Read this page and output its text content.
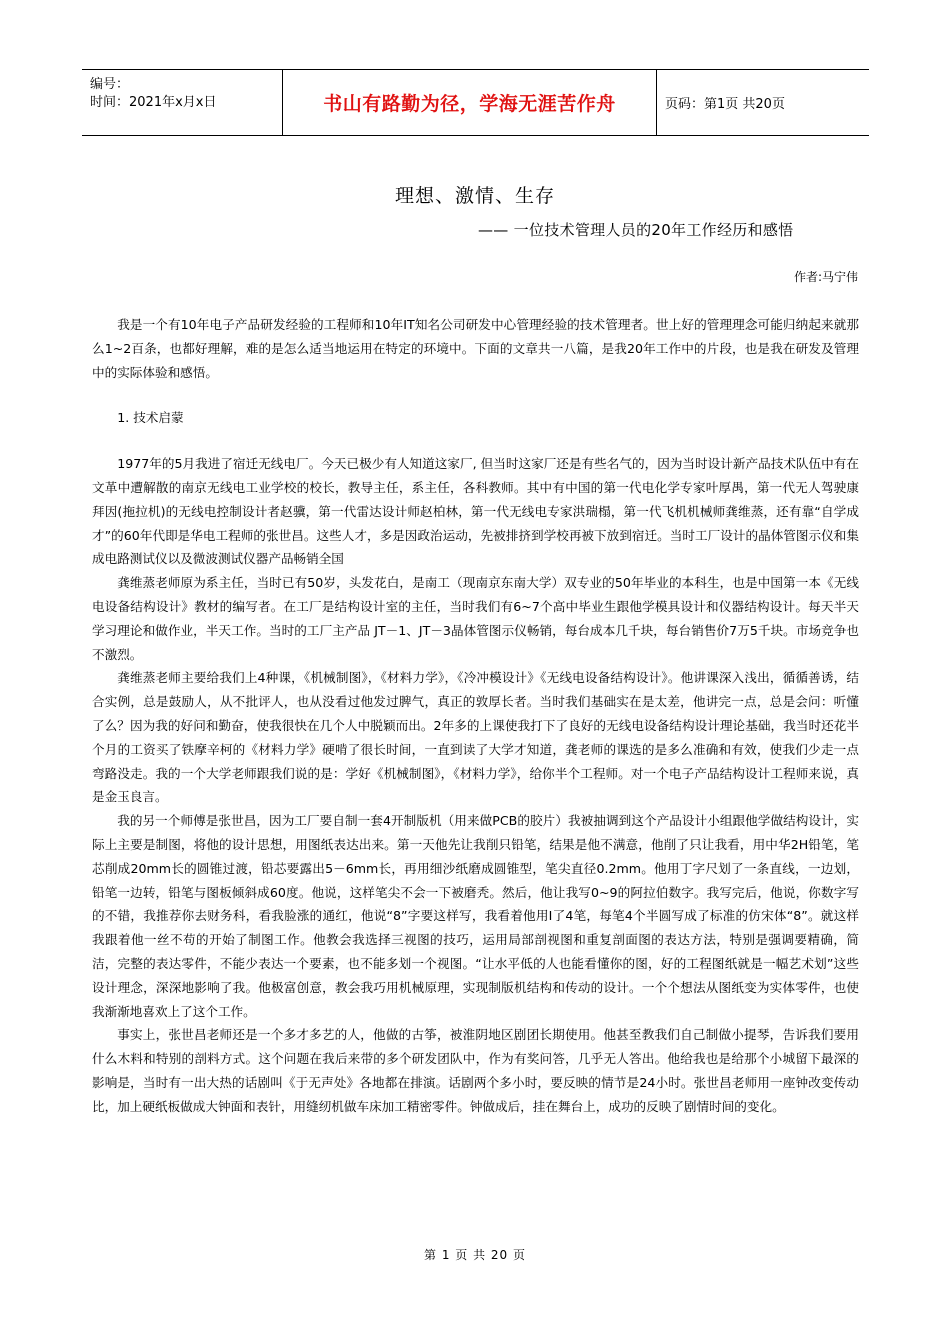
编号：
时间：2021年x月x日	书山有路勤为径，学海无涯苦作舟	页码：第1页 共20页
理想、激情、生存
—— 一位技术管理人员的20年工作经历和感悟
作者:马宁伟

我是一个有10年电子产品研发经验的工程师和10年IT知名公司研发中心管理经验的技术管理者。世上好的管理理念可能归纳起来就那么1~2百条，也都好理解，难的是怎么适当地运用在特定的环境中。下面的文章共一八篇，是我20年工作中的片段，也是我在研发及管理中的实际体验和感悟。

1. 技术启蒙

1977年的5月我进了宿迁无线电厂。今天已极少有人知道这家厂, 但当时这家厂还是有些名气的，因为当时设计新产品技术队伍中有在文革中遭解散的南京无线电工业学校的校长，教导主任，系主任，各科教师。其中有中国的第一代电化学专家叶厚禺，第一代无人驾驶康拜因(拖拉机)的无线电控制设计者赵骥，第一代雷达设计师赵柏林，第一代无线电专家洪瑞榻，第一代飞机机械师龚维蒸，还有靠“自学成才”的60年代即是华电工程师的张世昌。这些人才，多是因政治运动，先被排挤到学校再被下放到宿迁。当时工厂设计的晶体管图示仪和集成电路测试仪以及微波测试仪器产品畅销全国

龚维蒸老师原为系主任，当时已有50岁，头发花白，是南工（现南京东南大学）双专业的50年毕业的本科生，也是中国第一本《无线电设备结构设计》教材的编写者。在工厂是结构设计室的主任，当时我们有6~7个高中毕业生跟他学模具设计和仪器结构设计。每天半天学习理论和做作业，半天工作。当时的工厂主产品 JT－1、JT－3晶体管图示仪畅销，每台成本几千块，每台销售价7万5千块。市场竞争也不激烈。

龚维蒸老师主要给我们上4种课，《机械制图》，《材料力学》，《冷冲模设计》《无线电设备结构设计》。他讲课深入浅出，循循善诱，结合实例，总是鼓励人，从不批评人，也从没看过他发过脾气，真正的敦厚长者。当时我们基础实在是太差，他讲完一点，总是会问：听懂了么？因为我的好问和勤奋，使我很快在几个人中脱颖而出。2年多的上课使我打下了良好的无线电设备结构设计理论基础，我当时还花半个月的工资买了铁摩辛柯的《材料力学》硬啃了很长时间，一直到读了大学才知道，龚老师的课选的是多么准确和有效，使我们少走一点弯路没走。我的一个大学老师跟我们说的是：学好《机械制图》，《材料力学》，给你半个工程师。对一个电子产品结构设计工程师来说，真是金玉良言。

我的另一个师傅是张世昌，因为工厂要自制一套4开制版机（用来做PCB的胶片）我被抽调到这个产品设计小组跟他学做结构设计，实际上主要是制图，将他的设计思想，用图纸表达出来。第一天他先让我削只铅笔，结果是他不满意，他削了只让我看，用中华2H铅笔，笔芯削成20mm长的圆锥过渡，铅芯要露出5－6mm长，再用细沙纸磨成圆锥型，笔尖直径0.2mm。他用丁字尺划了一条直线，一边划，铅笔一边转，铅笔与图板倾斜成60度。他说，这样笔尖不会一下被磨秃。然后，他让我写0~9的阿拉伯数字。我写完后，他说，你数字写的不错，我推荐你去财务科，看我脸涨的通红，他说“8”字要这样写，我看着他用I了4笔，每笔4个半圆写成了标准的仿宋体“8”。就这样我跟着他一丝不苟的开始了制图工作。他教会我选择三视图的技巧，运用局部剖视图和重复剖面图的表达方法，特别是强调要精确，简洁，完整的表达零件，不能少表达一个要素，也不能多划一个视图。“让水平低的人也能看懂你的图，好的工程图纸就是一幅艺术划”这些设计理念，深深地影响了我。他极富创意，教会我巧用机械原理，实现制版机结构和传动的设计。一个个想法从图纸变为实体零件，也使我渐渐地喜欢上了这个工作。

事实上，张世昌老师还是一个多才多艺的人，他做的古筝，被淮阴地区剧团长期使用。他甚至教我们自己制做小提琴，告诉我们要用什么木料和特别的剖料方式。这个问题在我后来带的多个研发团队中，作为有奖问答，几乎无人答出。他给我也是给那个小城留下最深的影响是，当时有一出大热的话剧叫《于无声处》各地都在排演。话剧两个多小时，要反映的情节是24小时。张世昌老师用一座钟改变传动比，加上硬纸板做成大钟面和表针，用缝纫机做车床加工精密零件。钟做成后，挂在舞台上，成功的反映了剧情时间的变化。

第 1 页 共 20 页
